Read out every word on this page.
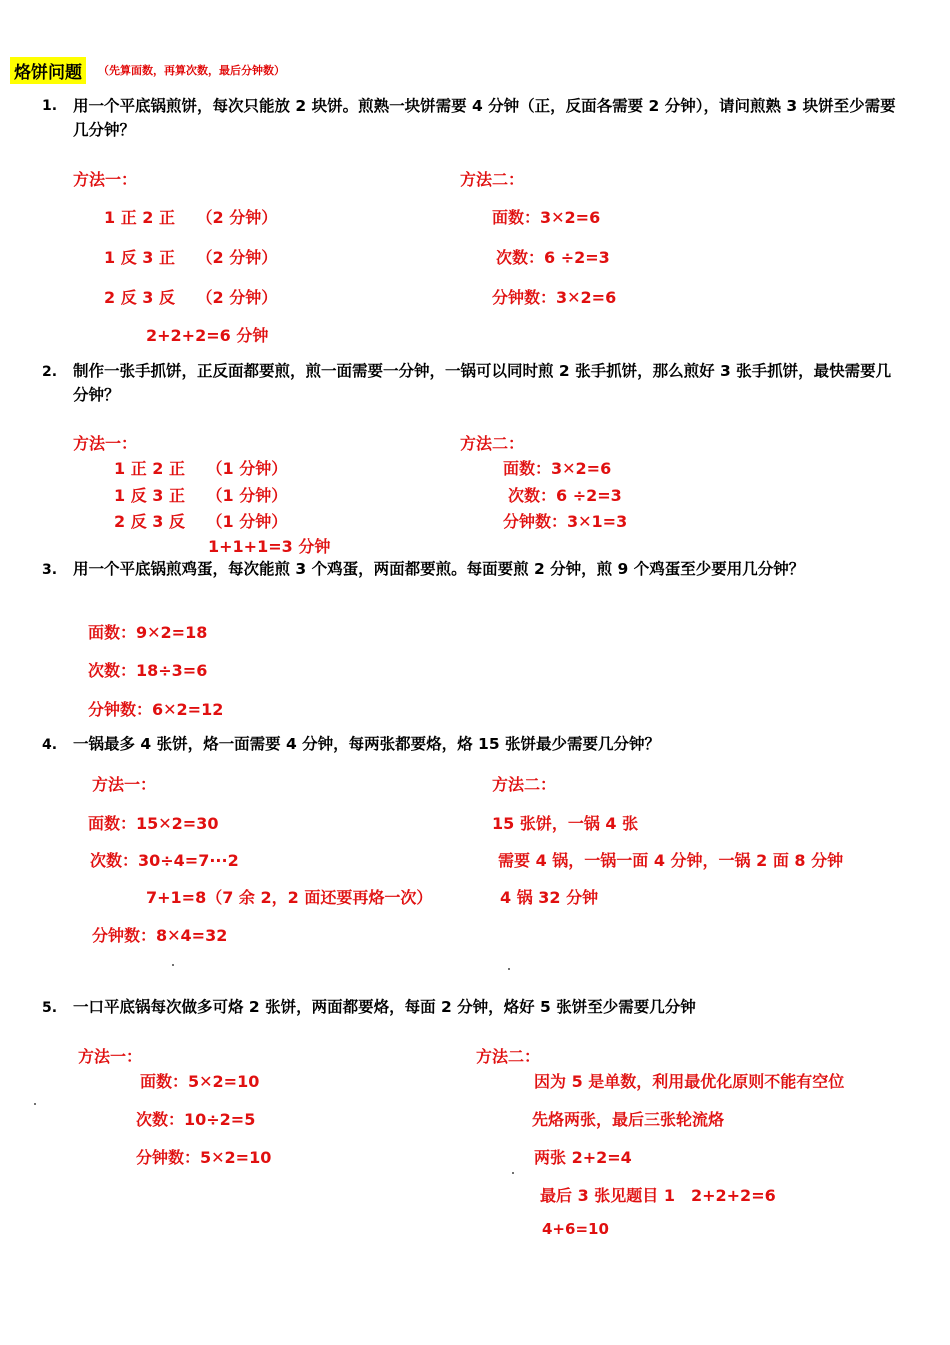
烙饼问题	（先算面数，再算次数，最后分钟数）
1. 用一个平底锅煎饼，每次只能放 2 块饼。煎熟一块饼需要 4 分钟（正，反面各需要 2 分钟），请问煎熟 3 块饼至少需要几分钟？
方法一：
1 正 2 正　 （2 分钟）
1 反 3 正　 （2 分钟）
2 反 3 反　 （2 分钟）
2+2+2=6 分钟
方法二：
面数：3✕2=6
次数：6 ÷2=3
分钟数：3✕2=6
2. 制作一张手抓饼，正反面都要煎，煎一面需要一分钟，一锅可以同时煎 2 张手抓饼，那么煎好 3 张手抓饼，最快需要几分钟？
方法一：
1 正 2 正　 （1 分钟）
1 反 3 正　 （1 分钟）
2 反 3 反　 （1 分钟）
1+1+1=3 分钟
方法二：
面数：3✕2=6
次数：6 ÷2=3
分钟数：3✕1=3
3. 用一个平底锅煎鸡蛋，每次能煎 3 个鸡蛋，两面都要煎。每面要煎 2 分钟，煎 9 个鸡蛋至少要用几分钟？
面数：9✕2=18
次数：18÷3=6
分钟数：6✕2=12
4. 一锅最多 4 张饼，烙一面需要 4 分钟，每两张都要烙，烙 15 张饼最少需要几分钟？
方法一：
面数：15✕2=30
次数：30÷4=7···2
7+1=8（7 余 2，2 面还要再烙一次）
分钟数：8✕4=32
方法二：
15 张饼，一锅 4 张
需要 4 锅，一锅一面 4 分钟，一锅 2 面 8 分钟
4 锅 32 分钟
5. 一口平底锅每次做多可烙 2 张饼，两面都要烙，每面 2 分钟，烙好 5 张饼至少需要几分钟
方法一：
面数：5✕2=10
次数：10÷2=5
分钟数：5✕2=10
方法二：
因为 5 是单数，利用最优化原则不能有空位
先烙两张，最后三张轮流烙
两张 2+2=4
最后 3 张见题目 1　2+2+2=6
4+6=10
